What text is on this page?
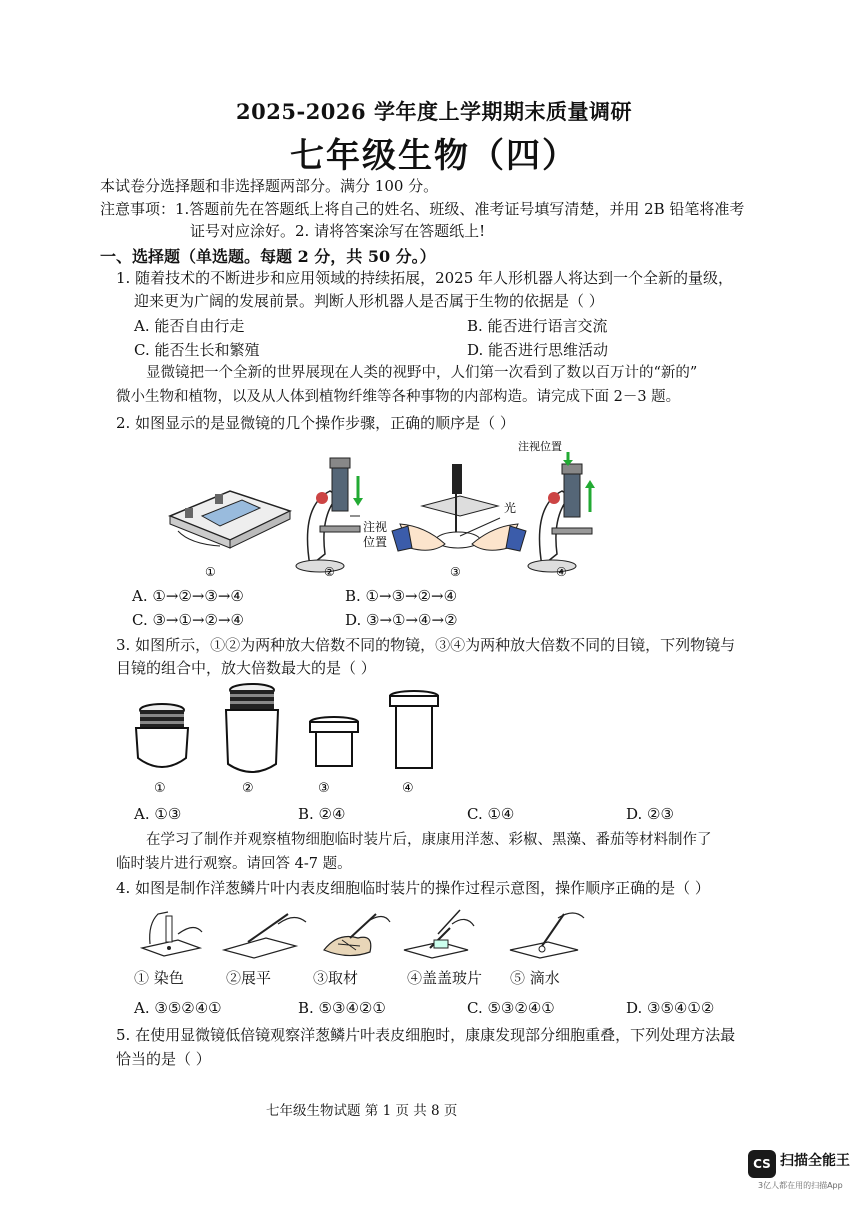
2025-2026 学年度上学期期末质量调研
七年级生物（四）
本试卷分选择题和非选择题两部分。满分 100 分。
注意事项：1.答题前先在答题纸上将自己的姓名、班级、准考证号填写清楚，并用 2B 铅笔将准考
证号对应涂好。2. 请将答案涂写在答题纸上!
一、选择题（单选题。每题 2 分，共 50 分。）
1. 随着技术的不断进步和应用领域的持续拓展，2025 年人形机器人将达到一个全新的量级，
迎来更为广阔的发展前景。判断人形机器人是否属于生物的依据是（ ）
A. 能否自由行走	B. 能否进行语言交流
C. 能否生长和繁殖	D. 能否进行思维活动
显微镜把一个全新的世界展现在人类的视野中，人们第一次看到了数以百万计的“新的”
微小生物和植物，以及从人体到植物纤维等各种事物的内部构造。请完成下面 2－3 题。
2. 如图显示的是显微镜的几个操作步骤，正确的顺序是（ ）
注视
位置
光
注视位置
①	②	③	④
A. ①→②→③→④	B. ①→③→②→④
C. ③→①→②→④	D. ③→①→④→②
3. 如图所示，①②为两种放大倍数不同的物镜，③④为两种放大倍数不同的目镜，下列物镜与
目镜的组合中，放大倍数最大的是（ ）
①	②	③	④
A. ①③	B. ②④	C. ①④	D. ②③
在学习了制作并观察植物细胞临时装片后，康康用洋葱、彩椒、黑藻、番茄等材料制作了
临时装片进行观察。请回答 4-7 题。
4. 如图是制作洋葱鳞片叶内表皮细胞临时装片的操作过程示意图，操作顺序正确的是（ ）
① 染色	②展平	③取材	④盖盖玻片 ⑤ 滴水
A. ③⑤②④①	B. ⑤③④②①	C. ⑤③②④①	D. ③⑤④①②
5. 在使用显微镜低倍镜观察洋葱鳞片叶表皮细胞时，康康发现部分细胞重叠，下列处理方法最
恰当的是（ ）
七年级生物试题 第 1 页 共 8 页
CS 扫描全能王
3亿人都在用的扫描App
